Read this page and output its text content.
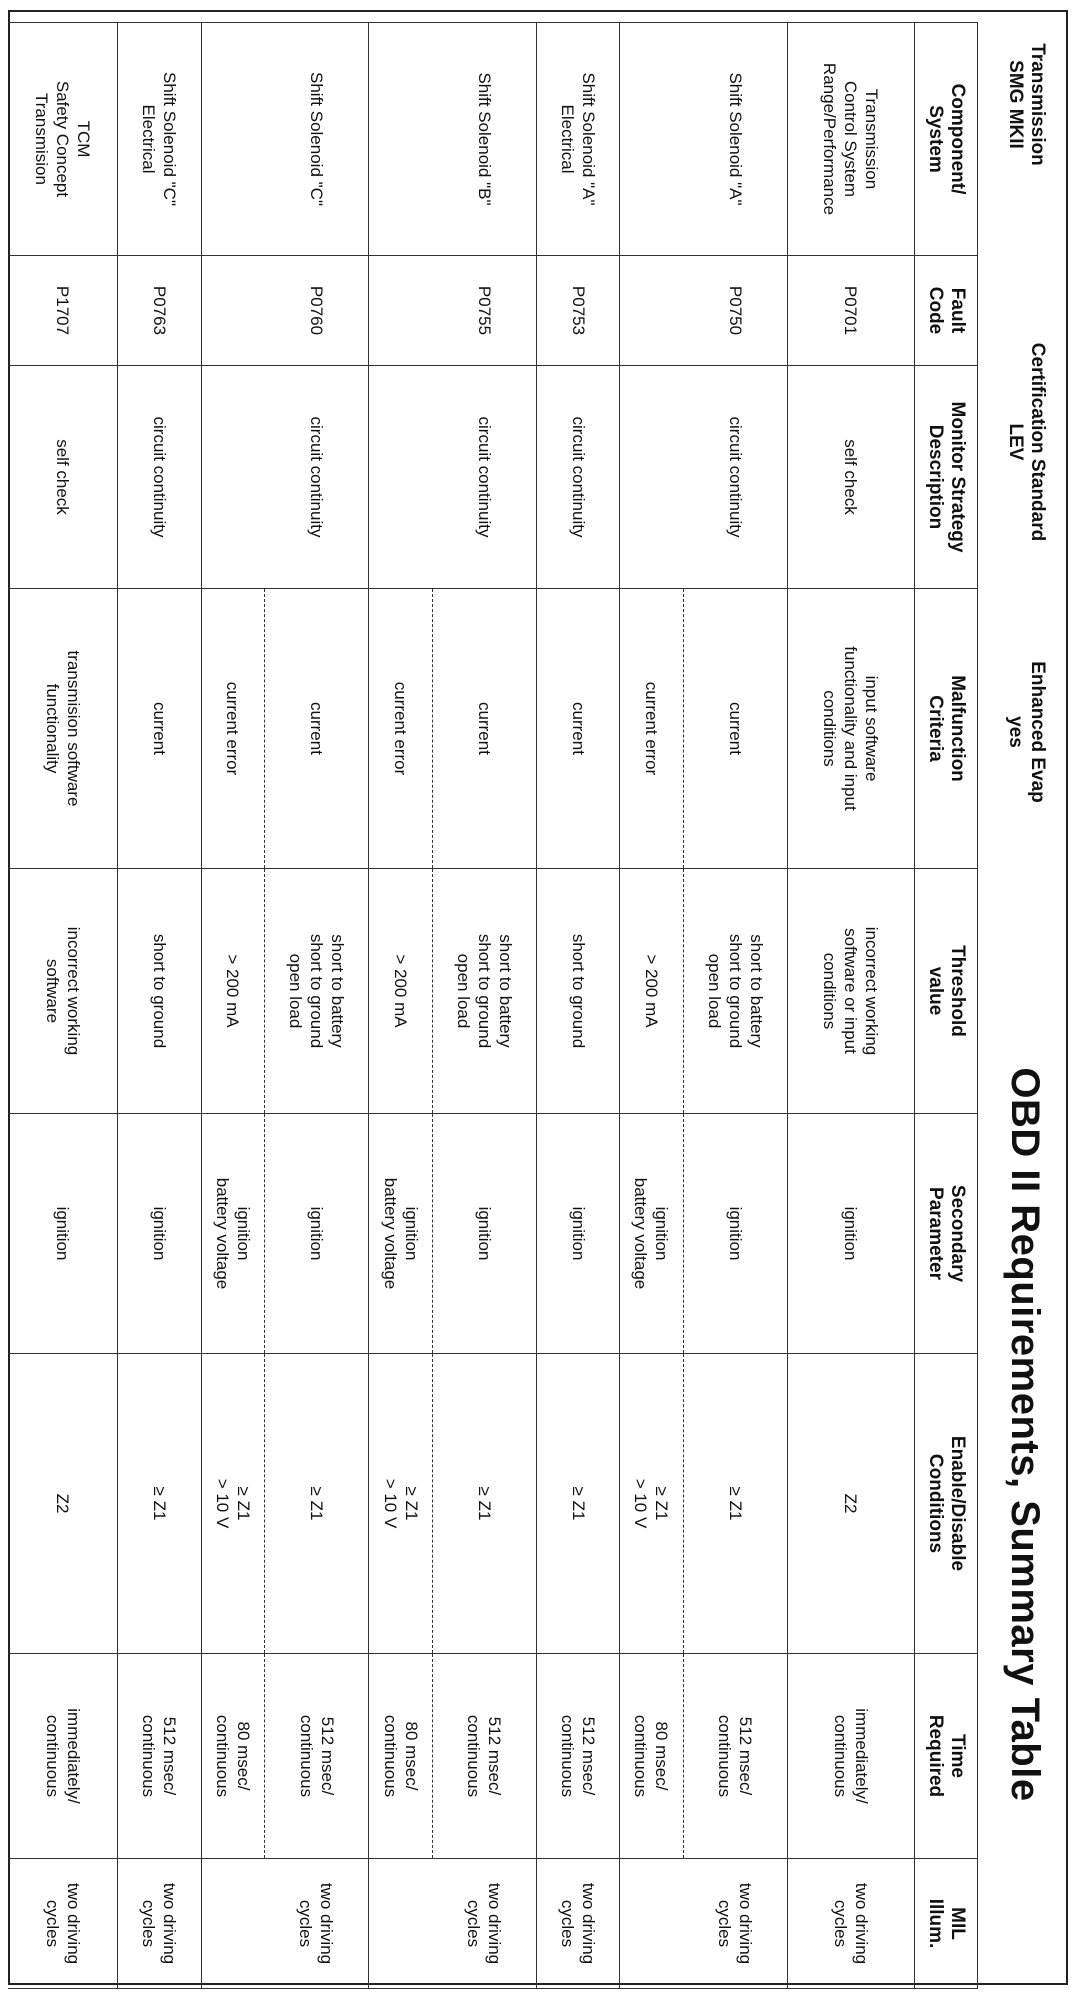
Transmission
SMG MKII
Certification Standard
LEV
Enhanced Evap
yes
OBD II Requirements, Summary Table
Component/
System	Fault
Code	Monitor Strategy
Description	Malfunction
Criteria	Threshold
value	Secondary
Parameter	Enable/Disable
Conditions	Time
Required	MIL
Illum.
Transmission
Control System
Range/Performance	P0701	self check	input software
functionality and input
conditions	incorrect working
software or input
conditions	ignition	Z2	immediately/
continuous	two driving
cycles
Shift Solenoid "A"	P0750	circuit continuity	current	short to battery
short to ground
open load	ignition	≥ Z1	512 msec/
continuous	two driving
cycles
			current error	> 200 mA	ignition
battery voltage	≥ Z1
> 10 V	80 msec/
continuous	
Shift Solenoid "A"
Electrical	P0753	circuit continuity	current	short to ground	ignition	≥ Z1	512 msec/
continuous	two driving
cycles
Shift Solenoid "B"	P0755	circuit continuity	current	short to battery
short to ground
open load	ignition	≥ Z1	512 msec/
continuous	two driving
cycles
			current error	> 200 mA	ignition
battery voltage	≥ Z1
> 10 V	80 msec/
continuous	
Shift Solenoid "C"	P0760	circuit continuity	current	short to battery
short to ground
open load	ignition	≥ Z1	512 msec/
continuous	two driving
cycles
			current error	> 200 mA	ignition
battery voltage	≥ Z1
> 10 V	80 msec/
continuous	
Shift Solenoid "C"
Electrical	P0763	circuit continuity	current	short to ground	ignition	≥ Z1	512 msec/
continuous	two driving
cycles
TCM
Safety Concept
Transmision	P1707	self check	transmision software
functionality	incorrect working
software	ignition	Z2	immediately/
continuous	two driving
cycles
